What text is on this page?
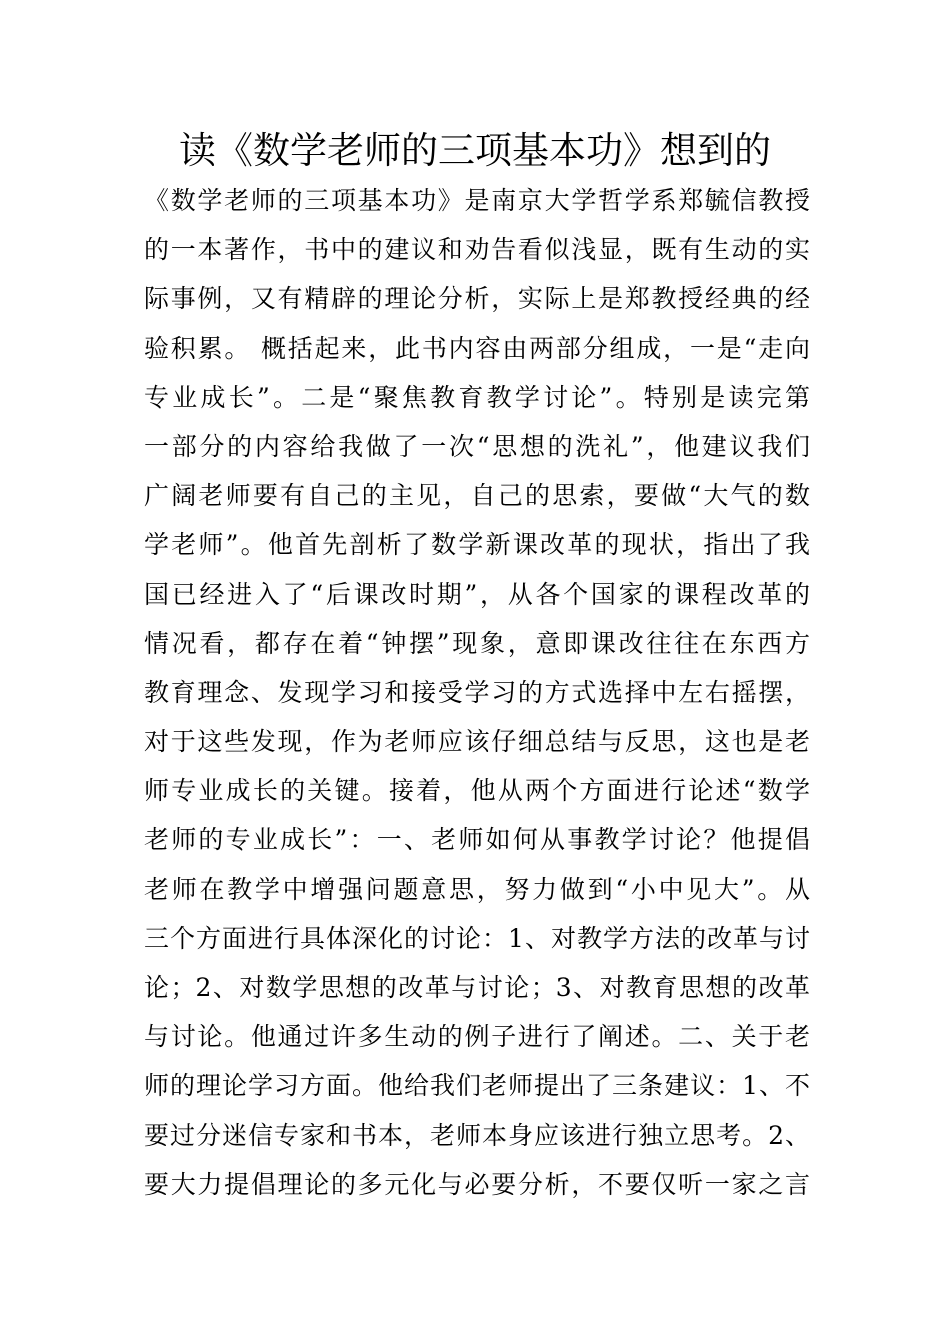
读《数学老师的三项基本功》想到的
《数学老师的三项基本功》是南京大学哲学系郑毓信教授
的一本著作，书中的建议和劝告看似浅显，既有生动的实
际事例，又有精辟的理论分析，实际上是郑教授经典的经
验积累。 概括起来，此书内容由两部分组成，一是“走向
专业成长”。二是“聚焦教育教学讨论”。特别是读完第
一部分的内容给我做了一次“思想的洗礼”，他建议我们
广阔老师要有自己的主见，自己的思索，要做“大气的数
学老师”。他首先剖析了数学新课改革的现状，指出了我
国已经进入了“后课改时期”，从各个国家的课程改革的
情况看，都存在着“钟摆”现象，意即课改往往在东西方
教育理念、发现学习和接受学习的方式选择中左右摇摆，
对于这些发现，作为老师应该仔细总结与反思，这也是老
师专业成长的关键。接着，他从两个方面进行论述“数学
老师的专业成长”：一、老师如何从事教学讨论？他提倡
老师在教学中增强问题意思，努力做到“小中见大”。从
三个方面进行具体深化的讨论：1、对教学方法的改革与讨
论；2、对数学思想的改革与讨论；3、对教育思想的改革
与讨论。他通过许多生动的例子进行了阐述。二、关于老
师的理论学习方面。他给我们老师提出了三条建议：1、不
要过分迷信专家和书本，老师本身应该进行独立思考。2、
要大力提倡理论的多元化与必要分析，不要仅听一家之言
